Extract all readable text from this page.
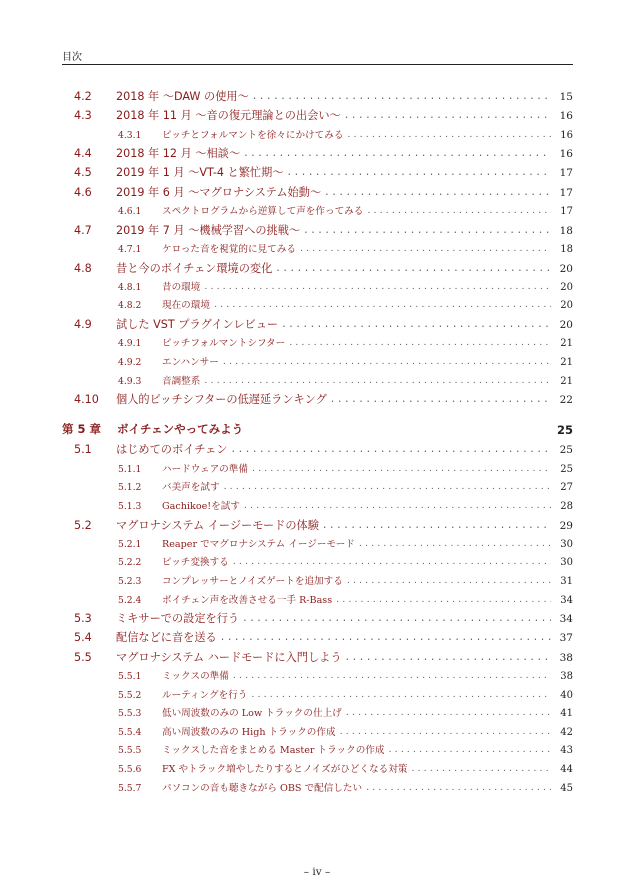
目次
4.2 2018 年 〜DAW の使用〜 . . .	15
4.3 2018 年 11 月 〜音の復元理論との出会い〜 . . .	16
4.3.1	ピッチとフォルマントを徐々にかけてみる . . .	16
4.4 2018 年 12 月 〜相談〜 . . .	16
4.5 2019 年 1 月 〜VT-4 と繁忙期〜 . . .	17
4.6 2019 年 6 月 〜マグロナシステム始動〜 . . .	17
4.6.1	スペクトログラムから逆算して声を作ってみる . . .	17
4.7 2019 年 7 月 〜機械学習への挑戦〜 . . .	18
4.7.1	ケロった音を視覚的に見てみる . . .	18
4.8 昔と今のボイチェン環境の変化 . . .	20
4.8.1	昔の環境 . . .	20
4.8.2	現在の環境 . . .	20
4.9 試した VST プラグインレビュー . . .	20
4.9.1	ピッチフォルマントシフター . . .	21
4.9.2	エンハンサー . . .	21
4.9.3	音調整系 . . .	21
4.10 個人的ピッチシフターの低遅延ランキング . . .	22
第 5 章 ボイチェンやってみよう	25
5.1 はじめてのボイチェン . . .	25
5.1.1	ハードウェアの準備 . . .	25
5.1.2	バ美声を試す . . .	27
5.1.3	Gachikoe!を試す . . .	28
5.2 マグロナシステム イージーモードの体験 . . .	29
5.2.1	Reaper でマグロナシステム イージーモード . . .	30
5.2.2	ピッチ変換する . . .	30
5.2.3	コンプレッサーとノイズゲートを追加する . . .	31
5.2.4	ボイチェン声を改善させる一手 R-Bass . . .	34
5.3 ミキサーでの設定を行う . . .	34
5.4 配信などに音を送る . . .	37
5.5 マグロナシステム ハードモードに入門しよう . . .	38
5.5.1	ミックスの準備 . . .	38
5.5.2	ルーティングを行う . . .	40
5.5.3	低い周波数のみの Low トラックの仕上げ . . .	41
5.5.4	高い周波数のみの High トラックの作成 . . .	42
5.5.5	ミックスした音をまとめる Master トラックの作成 . . .	43
5.5.6	FX やトラック増やしたりするとノイズがひどくなる対策 . . .	44
5.5.7	パソコンの音も聴きながら OBS で配信したい . . .	45
– iv –
